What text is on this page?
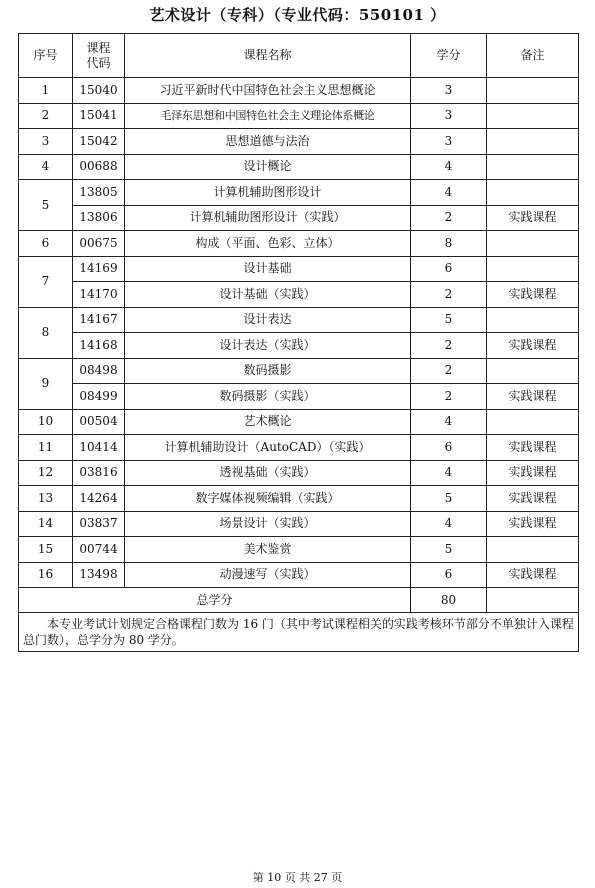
艺术设计（专科）（专业代码：550101 ）
序号	课程代码	课程名称	学分	备注
1	15040	习近平新时代中国特色社会主义思想概论	3	
2	15041	毛泽东思想和中国特色社会主义理论体系概论	3	
3	15042	思想道德与法治	3	
4	00688	设计概论	4	
5	13805	计算机辅助图形设计	4	
	13806	计算机辅助图形设计（实践）	2	实践课程
6	00675	构成（平面、色彩、立体）	8	
7	14169	设计基础	6	
	14170	设计基础（实践）	2	实践课程
8	14167	设计表达	5	
	14168	设计表达（实践）	2	实践课程
9	08498	数码摄影	2	
	08499	数码摄影（实践）	2	实践课程
10	00504	艺术概论	4	
11	10414	计算机辅助设计（AutoCAD）（实践）	6	实践课程
12	03816	透视基础（实践）	4	实践课程
13	14264	数字媒体视频编辑（实践）	5	实践课程
14	03837	场景设计（实践）	4	实践课程
15	00744	美术鉴赏	5	
16	13498	动漫速写（实践）	6	实践课程
总学分			80	
本专业考试计划规定合格课程门数为 16 门（其中考试课程相关的实践考核环节部分不单独计入课程总门数），总学分为 80 学分。				
第 10 页 共 27 页
